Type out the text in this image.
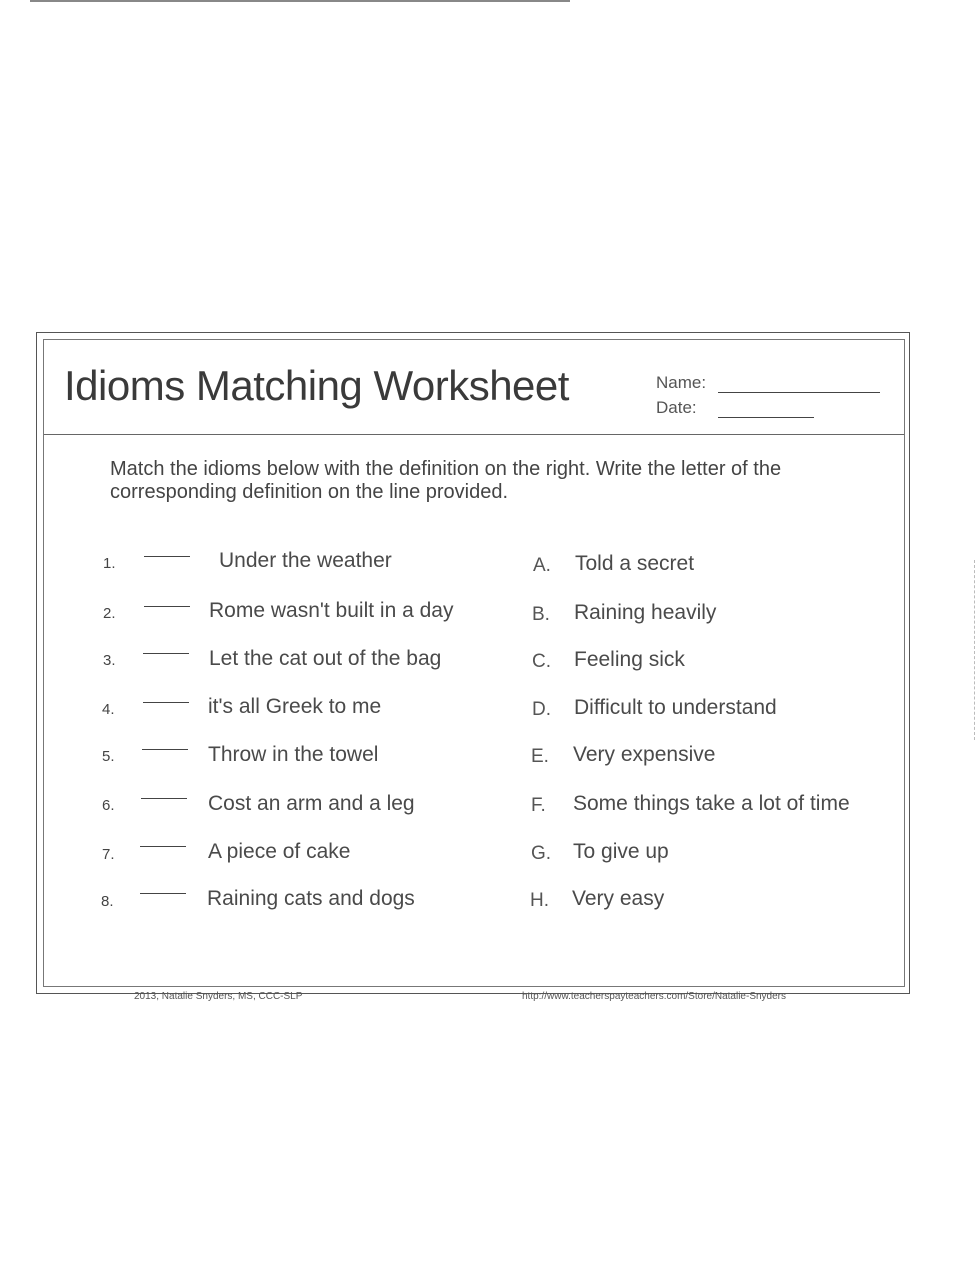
Idioms Matching Worksheet	Name:
Date:
Match the idioms below with the definition on the right. Write the letter of the corresponding definition on the line provided.
1.	Under the weather
2.	Rome wasn't built in a day
3.	Let the cat out of the bag
4.	it's all Greek to me
5.	Throw in the towel
6.	Cost an arm and a leg
7.	A piece of cake
8.	Raining cats and dogs
A. Told a secret
B. Raining heavily
C. Feeling sick
D. Difficult to understand
E. Very expensive
F. Some things take a lot of time
G. To give up
H. Very easy
2013, Natalie Snyders, MS, CCC-SLP	http://www.teacherspayteachers.com/Store/Natalie-Snyders
